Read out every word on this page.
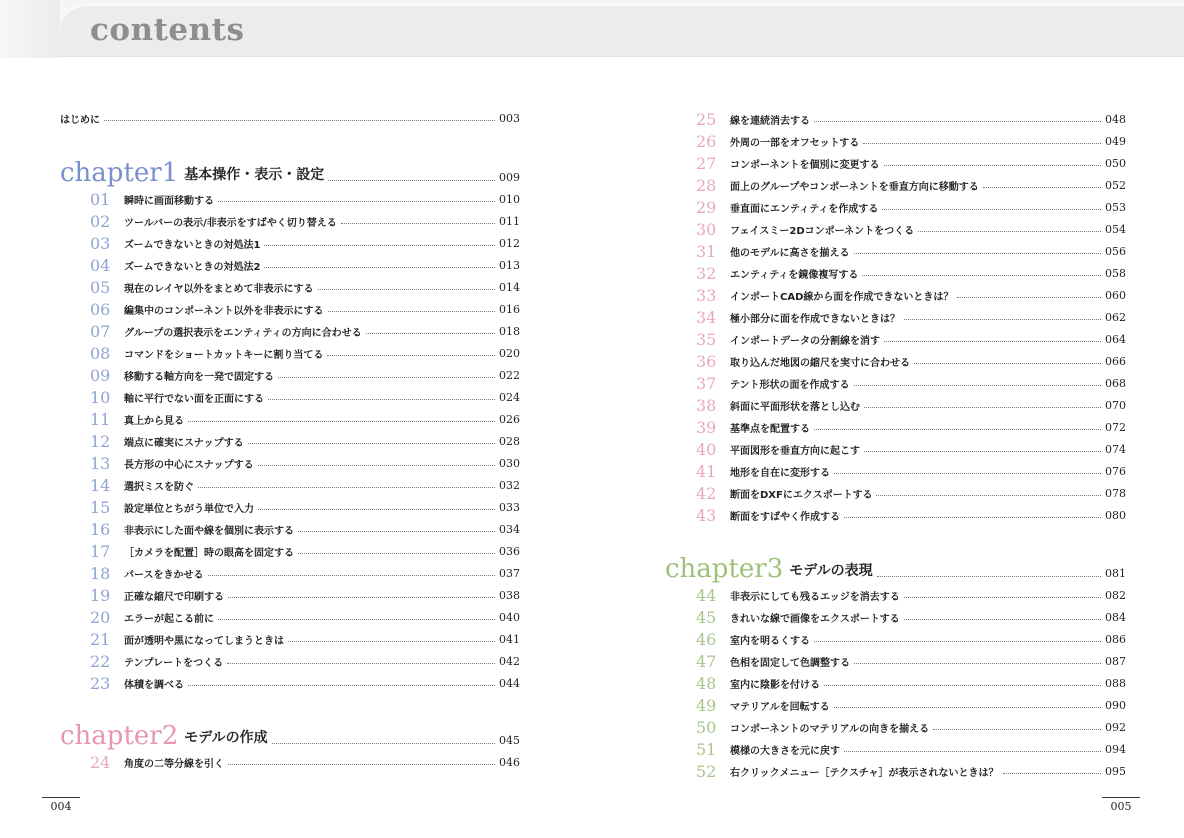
contents
はじめに	003
chapter1 基本操作・表示・設定	009
chapter2 モデルの作成	045
chapter3 モデルの表現	081
01	瞬時に画面移動する	010
02	ツールバーの表示/非表示をすばやく切り替える	011
03	ズームできないときの対処法1	012
04	ズームできないときの対処法2	013
05	現在のレイヤ以外をまとめて非表示にする	014
06	編集中のコンポーネント以外を非表示にする	016
07	グループの選択表示をエンティティの方向に合わせる	018
08	コマンドをショートカットキーに割り当てる	020
09	移動する軸方向を一発で固定する	022
10	軸に平行でない面を正面にする	024
11	真上から見る	026
12	端点に確実にスナップする	028
13	長方形の中心にスナップする	030
14	選択ミスを防ぐ	032
15	設定単位とちがう単位で入力	033
16	非表示にした面や線を個別に表示する	034
17	［カメラを配置］時の眼高を固定する	036
18	パースをきかせる	037
19	正確な縮尺で印刷する	038
20	エラーが起こる前に	040
21	面が透明や黒になってしまうときは	041
22	テンプレートをつくる	042
23	体積を調べる	044
24	角度の二等分線を引く	046
25	線を連続消去する	048
26	外周の一部をオフセットする	049
27	コンポーネントを個別に変更する	050
28	面上のグループやコンポーネントを垂直方向に移動する	052
29	垂直面にエンティティを作成する	053
30	フェイスミー2Dコンポーネントをつくる	054
31	他のモデルに高さを揃える	056
32	エンティティを鏡像複写する	058
33	インポートCAD線から面を作成できないときは？	060
34	極小部分に面を作成できないときは？	062
35	インポートデータの分割線を消す	064
36	取り込んだ地図の縮尺を実寸に合わせる	066
37	テント形状の面を作成する	068
38	斜面に平面形状を落とし込む	070
39	基準点を配置する	072
40	平面図形を垂直方向に起こす	074
41	地形を自在に変形する	076
42	断面をDXFにエクスポートする	078
43	断面をすばやく作成する	080
44	非表示にしても残るエッジを消去する	082
45	きれいな線で画像をエクスポートする	084
46	室内を明るくする	086
47	色相を固定して色調整する	087
48	室内に陰影を付ける	088
49	マテリアルを回転する	090
50	コンポーネントのマテリアルの向きを揃える	092
51	模様の大きさを元に戻す	094
52	右クリックメニュー［テクスチャ］が表示されないときは？	095
004	005
